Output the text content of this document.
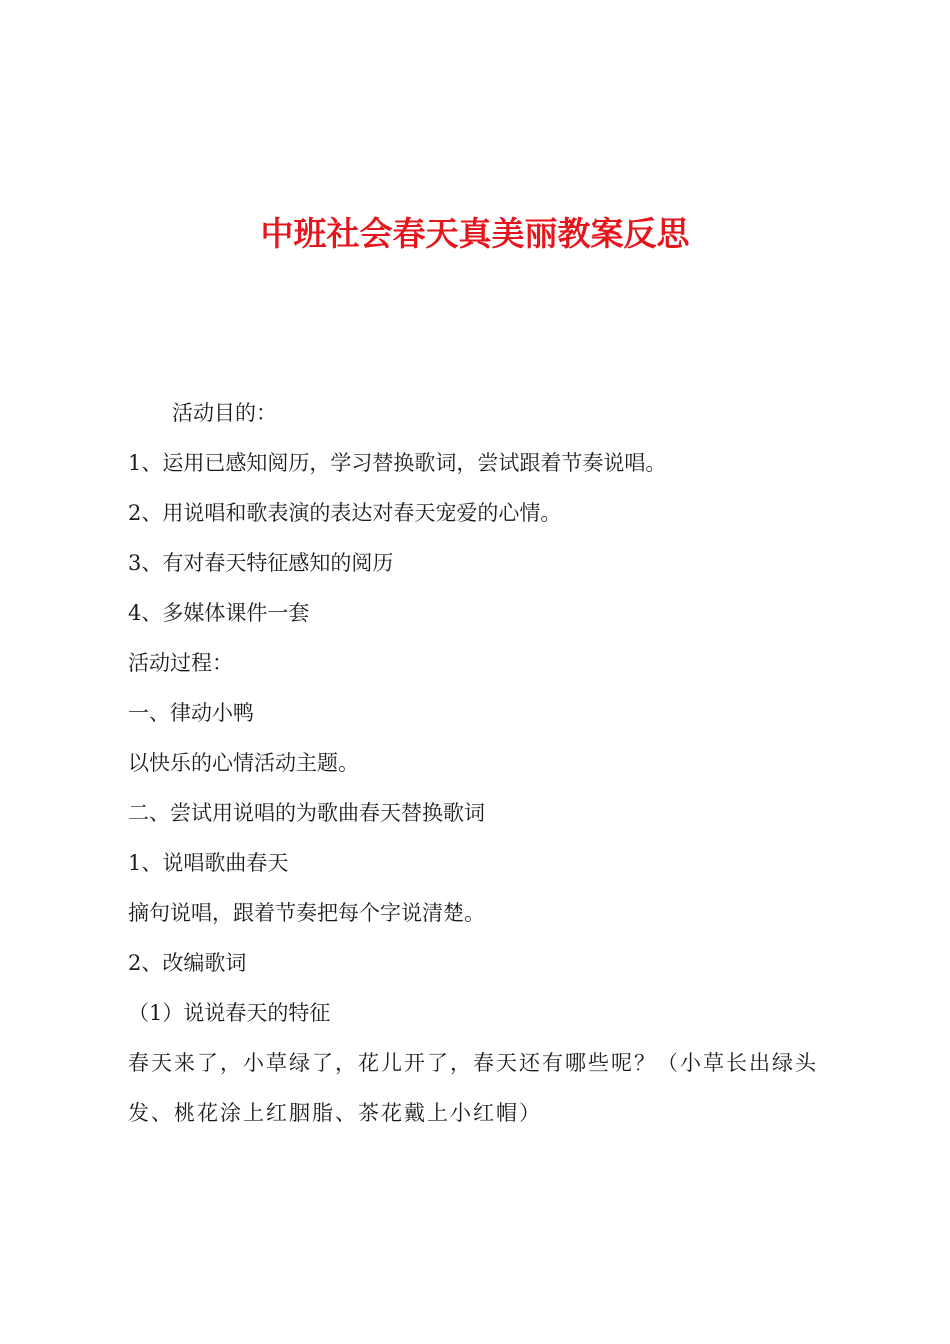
中班社会春天真美丽教案反思
活动目的：
1、运用已感知阅历，学习替换歌词，尝试跟着节奏说唱。
2、用说唱和歌表演的表达对春天宠爱的心情。
3、有对春天特征感知的阅历
4、多媒体课件一套
活动过程：
一、律动小鸭
以快乐的心情活动主题。
二、尝试用说唱的为歌曲春天替换歌词
1、说唱歌曲春天
摘句说唱，跟着节奏把每个字说清楚。
2、改编歌词
（1）说说春天的特征
春天来了，小草绿了，花儿开了，春天还有哪些呢？（小草长出绿头发、桃花涂上红胭脂、茶花戴上小红帽）
